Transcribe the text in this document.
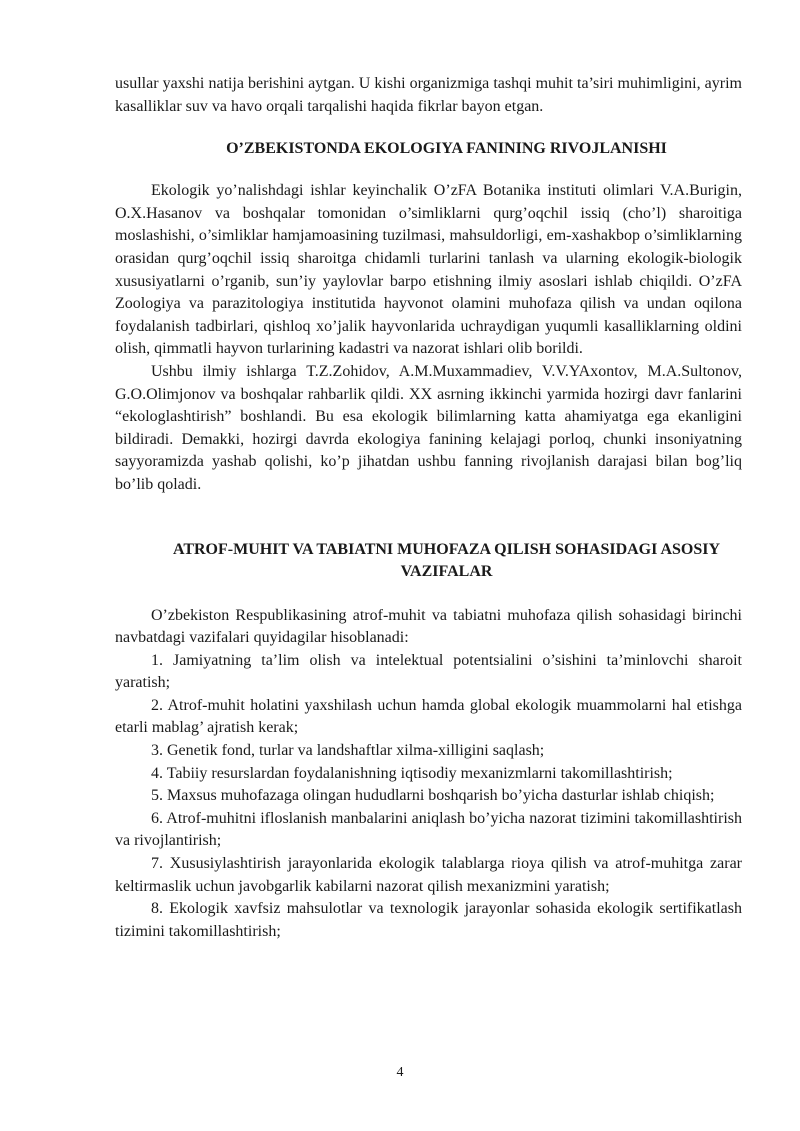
usullar yaxshi natija berishini aytgan. U kishi organizmiga tashqi muhit ta’siri muhimligini, ayrim kasalliklar suv va havo orqali tarqalishi haqida fikrlar bayon etgan.

O’ZBEKISTONDA EKOLOGIYA FANINING RIVOJLANISHI

Ekologik yo’nalishdagi ishlar keyinchalik O’zFA Botanika instituti olimlari V.A.Burigin, O.X.Hasanov va boshqalar tomonidan o’simliklarni qurg’oqchil issiq (cho’l) sharoitiga moslashishi, o’simliklar hamjamoasining tuzilmasi, mahsuldorligi, em-xashakbop o’simliklarning orasidan qurg’oqchil issiq sharoitga chidamli turlarini tanlash va ularning ekologik-biologik xususiyatlarni o’rganib, sun’iy yaylovlar barpo etishning ilmiy asoslari ishlab chiqildi. O’zFA Zoologiya va parazitologiya institutida hayvonot olamini muhofaza qilish va undan oqilona foydalanish tadbirlari, qishloq xo’jalik hayvonlarida uchraydigan yuqumli kasalliklarning oldini olish, qimmatli hayvon turlarining kadastri va nazorat ishlari olib borildi.

Ushbu ilmiy ishlarga T.Z.Zohidov, A.M.Muxammadiev, V.V.YAxontov, M.A.Sultonov, G.O.Olimjonov va boshqalar rahbarlik qildi. XX asrning ikkinchi yarmida hozirgi davr fanlarini “ekologlashtirish” boshlandi. Bu esa ekologik bilimlarning katta ahamiyatga ega ekanligini bildiradi. Demakki, hozirgi davrda ekologiya fanining kelajagi porloq, chunki insoniyatning sayyoramizda yashab qolishi, ko’p jihatdan ushbu fanning rivojlanish darajasi bilan bog’liq bo’lib qoladi.

ATROF-MUHIT VA TABIATNI MUHOFAZA QILISH SOHASIDAGI ASOSIY VAZIFALAR

O’zbekiston Respublikasining atrof-muhit va tabiatni muhofaza qilish sohasidagi birinchi navbatdagi vazifalari quyidagilar hisoblanadi:

1. Jamiyatning ta’lim olish va intelektual potentsialini o’sishini ta’minlovchi sharoit yaratish;

2. Atrof-muhit holatini yaxshilash uchun hamda global ekologik muammolarni hal etishga etarli mablag’ ajratish kerak;

3. Genetik fond, turlar va landshaftlar xilma-xilligini saqlash;

4. Tabiiy resurslardan foydalanishning iqtisodiy mexanizmlarni takomillashtirish;

5. Maxsus muhofazaga olingan hududlarni boshqarish bo’yicha dasturlar ishlab chiqish;

6. Atrof-muhitni ifloslanish manbalarini aniqlash bo’yicha nazorat tizimini takomillashtirish va rivojlantirish;

7. Xususiylashtirish jarayonlarida ekologik talablarga rioya qilish va atrof-muhitga zarar keltirmaslik uchun javobgarlik kabilarni nazorat qilish mexanizmini yaratish;

8. Ekologik xavfsiz mahsulotlar va texnologik jarayonlar sohasida ekologik sertifikatlash tizimini takomillashtirish;

4
